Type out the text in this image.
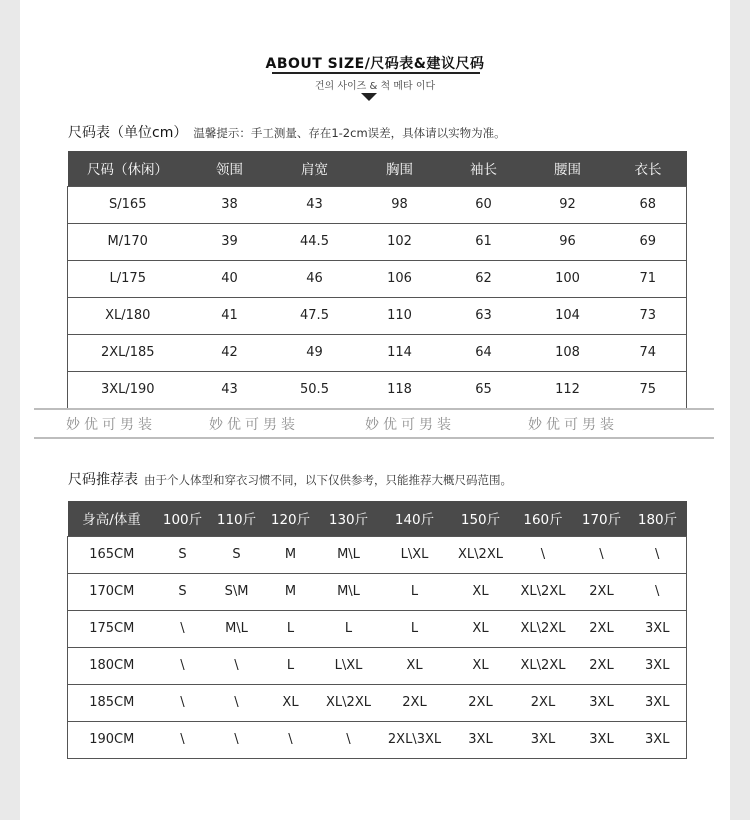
ABOUT SIZE/尺码表&建议尺码
건의 사이즈 & 척 메타 이다
尺码表（单位cm） 温馨提示：手工测量、存在1-2cm误差，具体请以实物为准。
尺码（休闲）	领围	肩宽	胸围	袖长	腰围	衣长
S/165	38	43	98	60	92	68
M/170	39	44.5	102	61	96	69
L/175	40	46	106	62	100	71
XL/180	41	47.5	110	63	104	73
2XL/185	42	49	114	64	108	74
3XL/190	43	50.5	118	65	112	75
妙优可男装	妙优可男装	妙优可男装	妙优可男装
尺码推荐表 由于个人体型和穿衣习惯不同，以下仅供参考，只能推荐大概尺码范围。
身高/体重	100斤	110斤	120斤	130斤	140斤	150斤	160斤	170斤	180斤
165CM	S	S	M	M\L	L\XL	XL\2XL	\	\	\
170CM	S	S\M	M	M\L	L	XL	XL\2XL	2XL	\
175CM	\	M\L	L	L	L	XL	XL\2XL	2XL	3XL
180CM	\	\	L	L\XL	XL	XL	XL\2XL	2XL	3XL
185CM	\	\	XL	XL\2XL	2XL	2XL	2XL	3XL	3XL
190CM	\	\	\	\	2XL\3XL	3XL	3XL	3XL	3XL
